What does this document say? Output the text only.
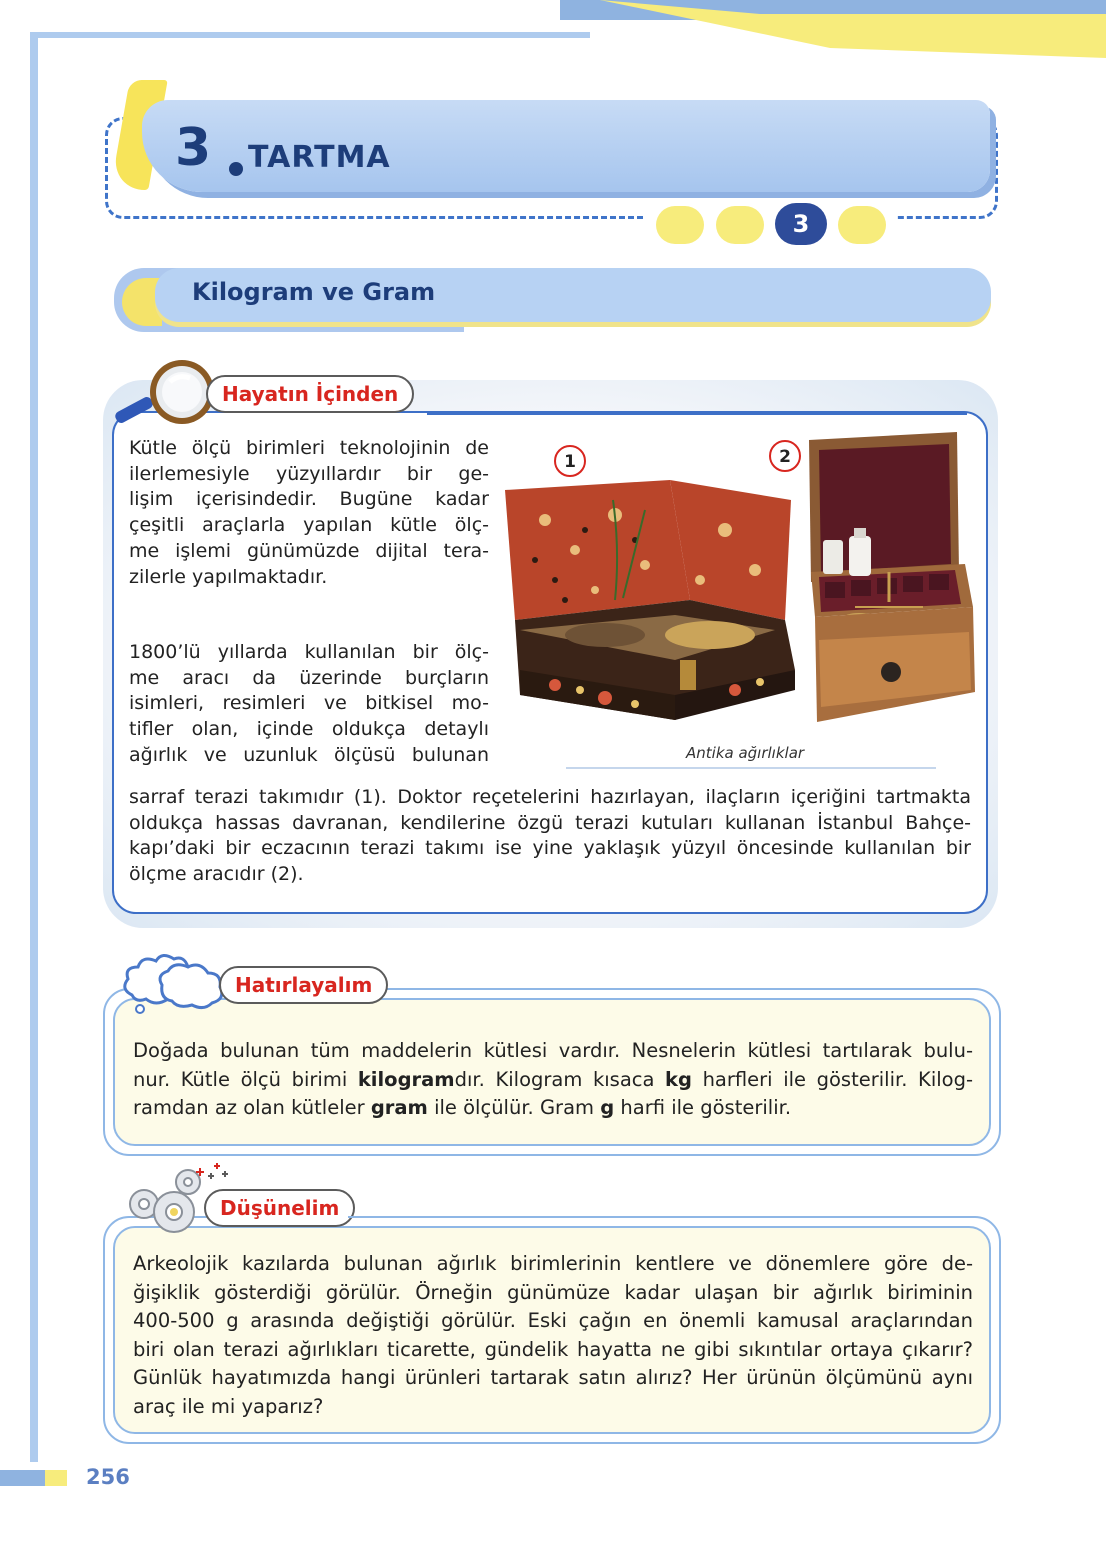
3 TARTMA
3
Kilogram ve Gram
Hayatın İçinden
Kütle ölçü birimleri teknolojinin de
ilerlemesiyle yüzyıllardır bir ge-
lişim içerisindedir. Bugüne kadar
çeşitli araçlarla yapılan kütle ölç-
me işlemi günümüzde dijital tera-
zilerle yapılmaktadır.
1800’lü yıllarda kullanılan bir ölç-
me aracı da üzerinde burçların
isimleri, resimleri ve bitkisel mo-
tifler olan, içinde oldukça detaylı
ağırlık ve uzunluk ölçüsü bulunan
sarraf terazi takımıdır (1). Doktor reçetelerini hazırlayan, ilaçların içeriğini tartmakta
oldukça hassas davranan, kendilerine özgü terazi kutuları kullanan İstanbul Bahçe-
kapı’daki bir eczacının terazi takımı ise yine yaklaşık yüzyıl öncesinde kullanılan bir
ölçme aracıdır (2).
1	2
Antika ağırlıklar
Hatırlayalım
Doğada bulunan tüm maddelerin kütlesi vardır. Nesnelerin kütlesi tartılarak bulu-
nur. Kütle ölçü birimi kilogramdır. Kilogram kısaca kg harfleri ile gösterilir. Kilog-
ramdan az olan kütleler gram ile ölçülür. Gram g harfi ile gösterilir.
Düşünelim
Arkeolojik kazılarda bulunan ağırlık birimlerinin kentlere ve dönemlere göre de-
ğişiklik gösterdiği görülür. Örneğin günümüze kadar ulaşan bir ağırlık biriminin
400-500 g arasında değiştiği görülür. Eski çağın en önemli kamusal araçlarından
biri olan terazi ağırlıkları ticarette, gündelik hayatta ne gibi sıkıntılar ortaya çıkarır?
Günlük hayatımızda hangi ürünleri tartarak satın alırız? Her ürünün ölçümünü aynı
araç ile mi yaparız?
256
